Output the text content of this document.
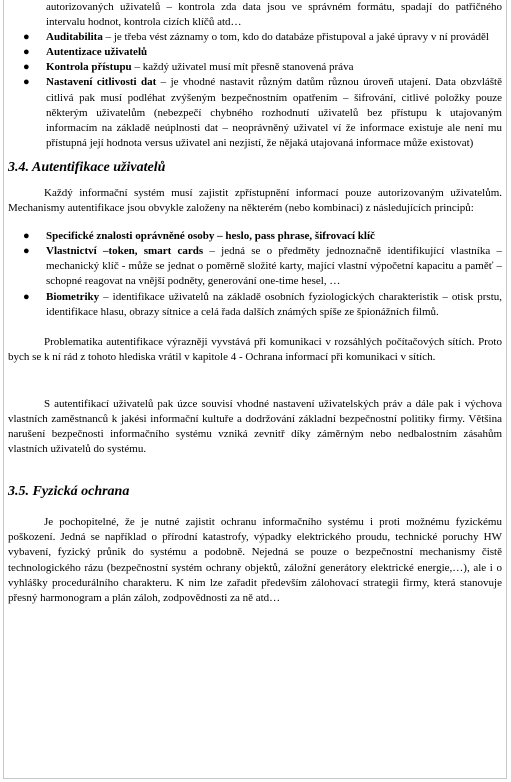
autorizovaných uživatelů – kontrola zda data jsou ve správném formátu, spadají do patřičného intervalu hodnot, kontrola cizích klíčů atd…

● Auditabilita – je třeba vést záznamy o tom, kdo do databáze přistupoval a jaké úpravy v ní prováděl
● Autentizace uživatelů
● Kontrola přístupu – každý uživatel musí mít přesně stanovená práva
● Nastavení citlivosti dat – je vhodné nastavit různým datům různou úroveň utajení. Data obzvláště citlivá pak musí podléhat zvýšeným bezpečnostním opatřením – šifrování, citlivé položky pouze některým uživatelům (nebezpečí chybného rozhodnutí uživatelů bez přístupu k utajovaným informacím na základě neúplnosti dat – neoprávněný uživatel ví že informace existuje ale není mu přístupná její hodnota versus uživatel ani nezjistí, že nějaká utajovaná informace může existovat)
3.4. Autentifikace uživatelů

Každý informační systém musí zajistit zpřístupnění informací pouze autorizovaným uživatelům. Mechanismy autentifikace jsou obvykle založeny na některém (nebo kombinaci) z následujících principů:

● Specifické znalosti oprávněné osoby – heslo, pass phrase, šifrovací klíč
● Vlastnictví –token, smart cards – jedná se o předměty jednoznačně identifikující vlastníka – mechanický klíč - může se jednat o poměrně složité karty, mající vlastní výpočetní kapacitu a paměť – schopné reagovat na vnější podněty, generování one-time hesel, …
● Biometriky – identifikace uživatelů na základě osobních fyziologických charakteristik – otisk prstu, identifikace hlasu, obrazy sítnice a celá řada dalších známých spíše ze špionážních filmů.

Problematika autentifikace výrazněji vyvstává při komunikaci v rozsáhlých počítačových sítích. Proto bych se k ní rád z tohoto hlediska vrátil v kapitole 4 - Ochrana informací při komunikaci v sítích.

S autentifikací uživatelů pak úzce souvisí vhodné nastavení uživatelských práv a dále pak i výchova vlastních zaměstnanců k jakési informační kultuře a dodržování základní bezpečnostní politiky firmy. Většina narušení bezpečnosti informačního systému vzniká zevnitř díky záměrným nebo nedbalostním zásahům vlastních uživatelů do systému.

3.5. Fyzická ochrana

Je pochopitelné, že je nutné zajistit ochranu informačního systému i proti možnému fyzickému poškození. Jedná se například o přírodní katastrofy, výpadky elektrického proudu, technické poruchy HW vybavení, fyzický průnik do systému a podobně. Nejedná se pouze o bezpečnostní mechanismy čistě technologického rázu (bezpečnostní systém ochrany objektů, záložní generátory elektrické energie,…), ale i o vyhlášky procedurálního charakteru. K nim lze zařadit především zálohovací strategii firmy, která stanovuje přesný harmonogram a plán záloh, zodpovědnosti za ně atd…
